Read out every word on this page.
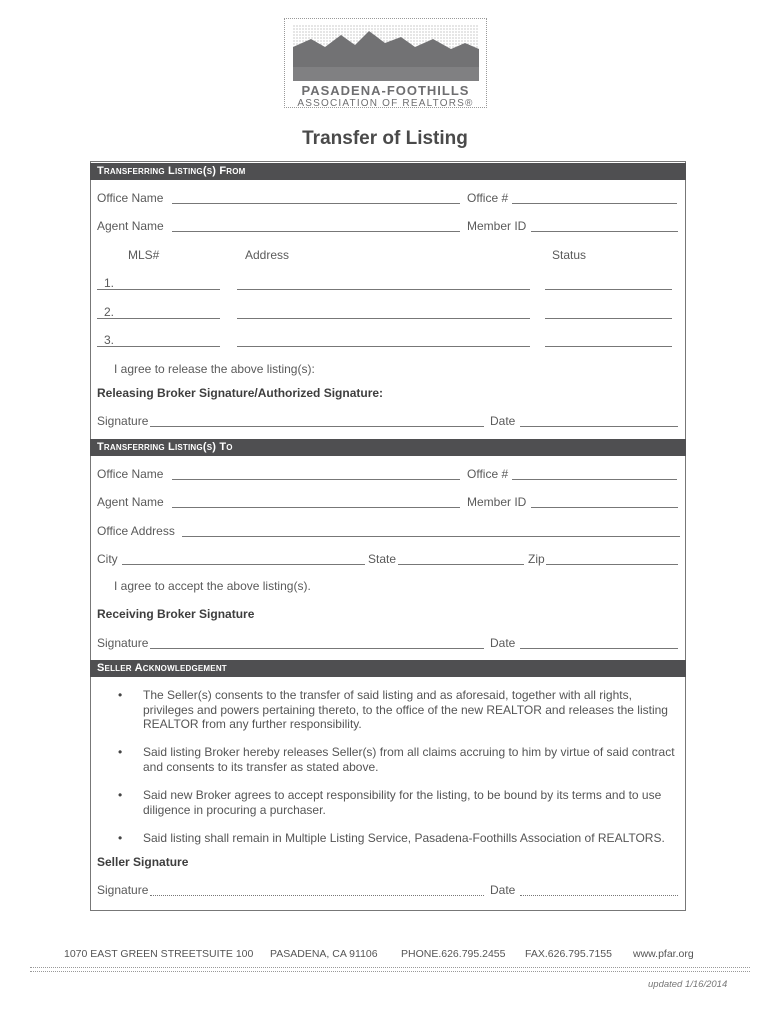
PASADENA-FOOTHILLS
ASSOCIATION OF REALTORS®
Transfer of Listing
Transferring Listing(s) From
Office Name	Office #
Agent Name	Member ID
MLS#	Address	Status
1.
2.
3.
I agree to release the above listing(s):
Releasing Broker Signature/Authorized Signature:
Signature	Date
Transferring Listing(s) To
Office Name	Office #
Agent Name	Member ID
Office Address
City	State	Zip
I agree to accept the above listing(s).
Receiving Broker Signature
Signature	Date
Seller Acknowledgement
• The Seller(s) consents to the transfer of said listing and as aforesaid, together with all rights, privileges and powers pertaining thereto, to the office of the new REALTOR and releases the listing REALTOR from any further responsibility.
• Said listing Broker hereby releases Seller(s) from all claims accruing to him by virtue of said contract and consents to its transfer as stated above.
• Said new Broker agrees to accept responsibility for the listing, to be bound by its terms and to use diligence in procuring a purchaser.
• Said listing shall remain in Multiple Listing Service, Pasadena-Foothills Association of REALTORS.
Seller Signature
Signature	Date
1070 EAST GREEN STREET SUITE 100 PASADENA, CA 91106 PHONE.626.795.2455 FAX.626.795.7155 www.pfar.org
updated 1/16/2014
